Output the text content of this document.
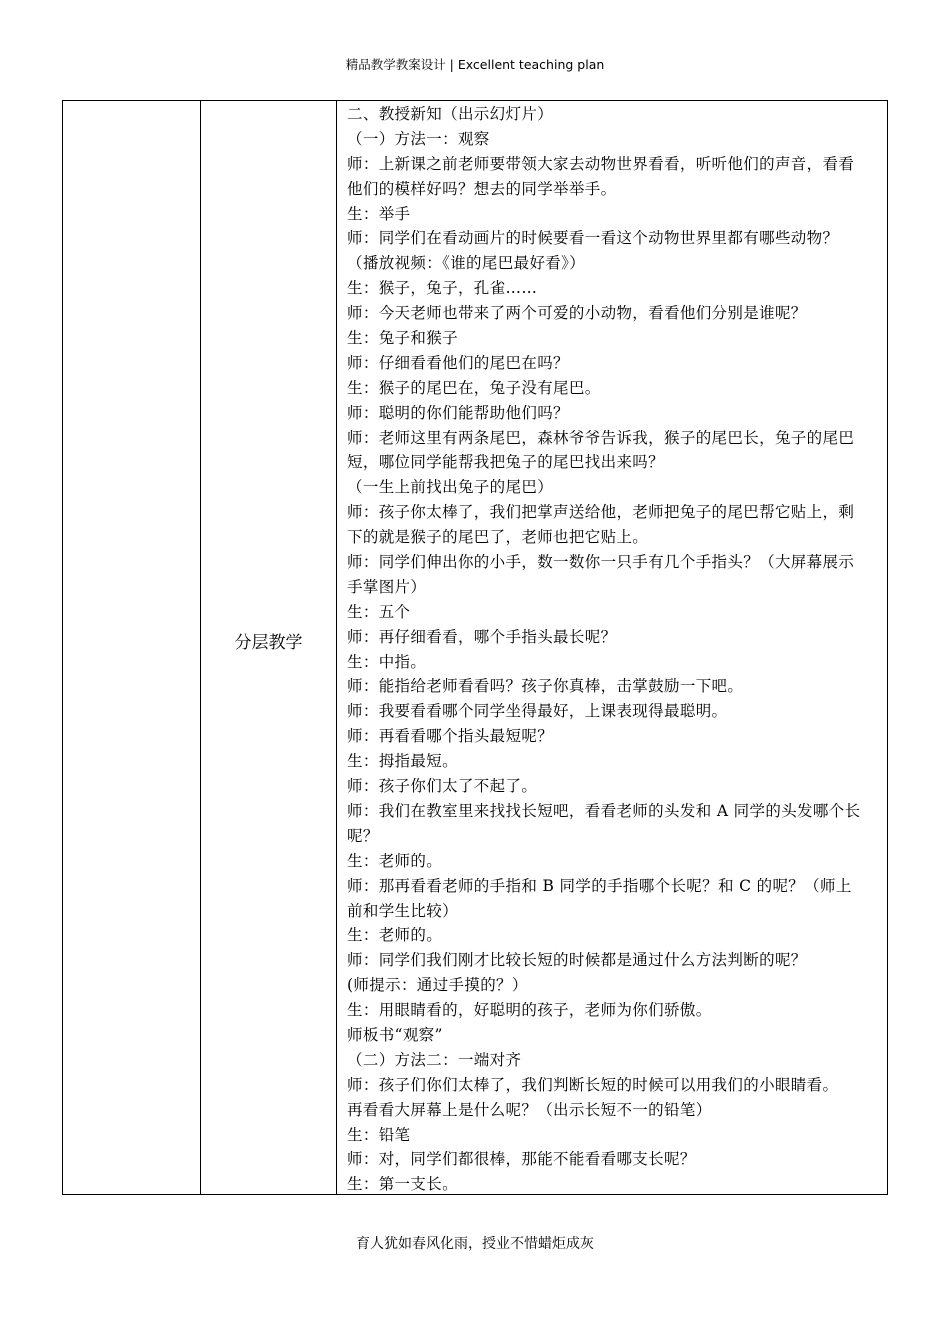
精品教学教案设计 | Excellent teaching plan
分层教学
二、教授新知（出示幻灯片）
（一）方法一：观察
师：上新课之前老师要带领大家去动物世界看看，听听他们的声音，看看
他们的模样好吗？想去的同学举举手。
生：举手
师：同学们在看动画片的时候要看一看这个动物世界里都有哪些动物？
（播放视频：《谁的尾巴最好看》）
生：猴子，兔子，孔雀……
师：今天老师也带来了两个可爱的小动物，看看他们分别是谁呢？
生：兔子和猴子
师：仔细看看他们的尾巴在吗？
生：猴子的尾巴在，兔子没有尾巴。
师：聪明的你们能帮助他们吗？
师：老师这里有两条尾巴，森林爷爷告诉我，猴子的尾巴长，兔子的尾巴
短，哪位同学能帮我把兔子的尾巴找出来吗？
（一生上前找出兔子的尾巴）
师：孩子你太棒了，我们把掌声送给他，老师把兔子的尾巴帮它贴上，剩
下的就是猴子的尾巴了，老师也把它贴上。
师：同学们伸出你的小手，数一数你一只手有几个手指头？（大屏幕展示
手掌图片）
生：五个
师：再仔细看看，哪个手指头最长呢？
生：中指。
师：能指给老师看看吗？孩子你真棒，击掌鼓励一下吧。
师：我要看看哪个同学坐得最好，上课表现得最聪明。
师：再看看哪个指头最短呢？
生：拇指最短。
师：孩子你们太了不起了。
师：我们在教室里来找找长短吧，看看老师的头发和 A 同学的头发哪个长
呢？
生：老师的。
师：那再看看老师的手指和 B 同学的手指哪个长呢？和 C 的呢？（师上
前和学生比较）
生：老师的。
师：同学们我们刚才比较长短的时候都是通过什么方法判断的呢？
(师提示：通过手摸的？）
生：用眼睛看的，好聪明的孩子，老师为你们骄傲。
师板书“观察”
（二）方法二：一端对齐
师：孩子们你们太棒了，我们判断长短的时候可以用我们的小眼睛看。
再看看大屏幕上是什么呢？（出示长短不一的铅笔）
生：铅笔
师：对，同学们都很棒，那能不能看看哪支长呢？
生：第一支长。
育人犹如春风化雨，授业不惜蜡炬成灰
